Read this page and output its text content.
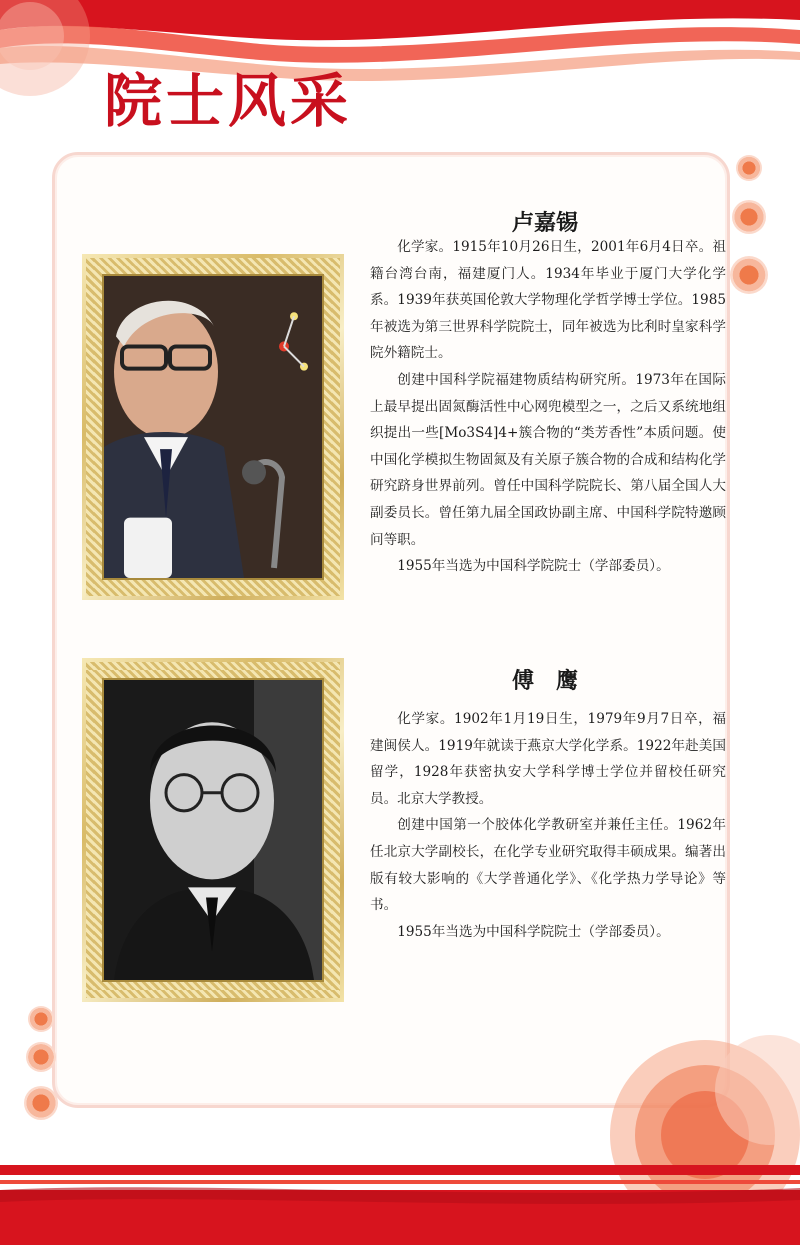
院士风采
卢嘉锡

化学家。1915年10月26日生，2001年6月4日卒。祖籍台湾台南，福建厦门人。1934年毕业于厦门大学化学系。1939年获英国伦敦大学物理化学哲学博士学位。1985年被选为第三世界科学院院士，同年被选为比利时皇家科学院外籍院士。

创建中国科学院福建物质结构研究所。1973年在国际上最早提出固氮酶活性中心网兜模型之一，之后又系统地组织提出一些[Mo3S4]4+簇合物的“类芳香性”本质问题。使中国化学模拟生物固氮及有关原子簇合物的合成和结构化学研究跻身世界前列。曾任中国科学院院长、第八届全国人大副委员长。曾任第九届全国政协副主席、中国科学院特邀顾问等职。

1955年当选为中国科学院院士（学部委员）。

傅　鹰

化学家。1902年1月19日生，1979年9月7日卒，福建闽侯人。1919年就读于燕京大学化学系。1922年赴美国留学，1928年获密执安大学科学博士学位并留校任研究员。北京大学教授。

创建中国第一个胶体化学教研室并兼任主任。1962年任北京大学副校长，在化学专业研究取得丰硕成果。编著出版有较大影响的《大学普通化学》、《化学热力学导论》等书。

1955年当选为中国科学院院士（学部委员）。
